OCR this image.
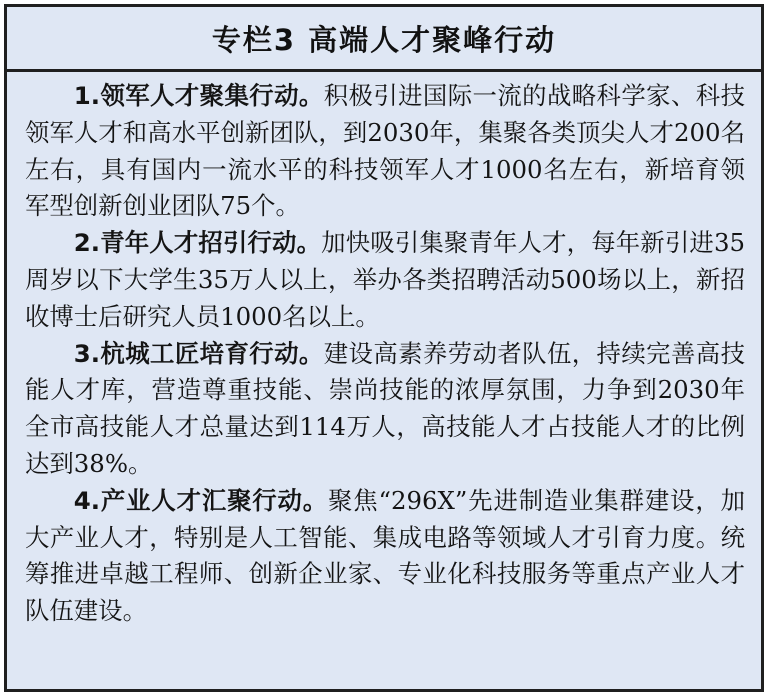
专栏3 高端人才聚峰行动

1.领军人才聚集行动。积极引进国际一流的战略科学家、科技领军人才和高水平创新团队，到2030年，集聚各类顶尖人才200名左右，具有国内一流水平的科技领军人才1000名左右，新培育领军型创新创业团队75个。

2.青年人才招引行动。加快吸引集聚青年人才，每年新引进35周岁以下大学生35万人以上，举办各类招聘活动500场以上，新招收博士后研究人员1000名以上。

3.杭城工匠培育行动。建设高素养劳动者队伍，持续完善高技能人才库，营造尊重技能、崇尚技能的浓厚氛围，力争到2030年全市高技能人才总量达到114万人，高技能人才占技能人才的比例达到38%。

4.产业人才汇聚行动。聚焦“296X”先进制造业集群建设，加大产业人才，特别是人工智能、集成电路等领域人才引育力度。统筹推进卓越工程师、创新企业家、专业化科技服务等重点产业人才队伍建设。
